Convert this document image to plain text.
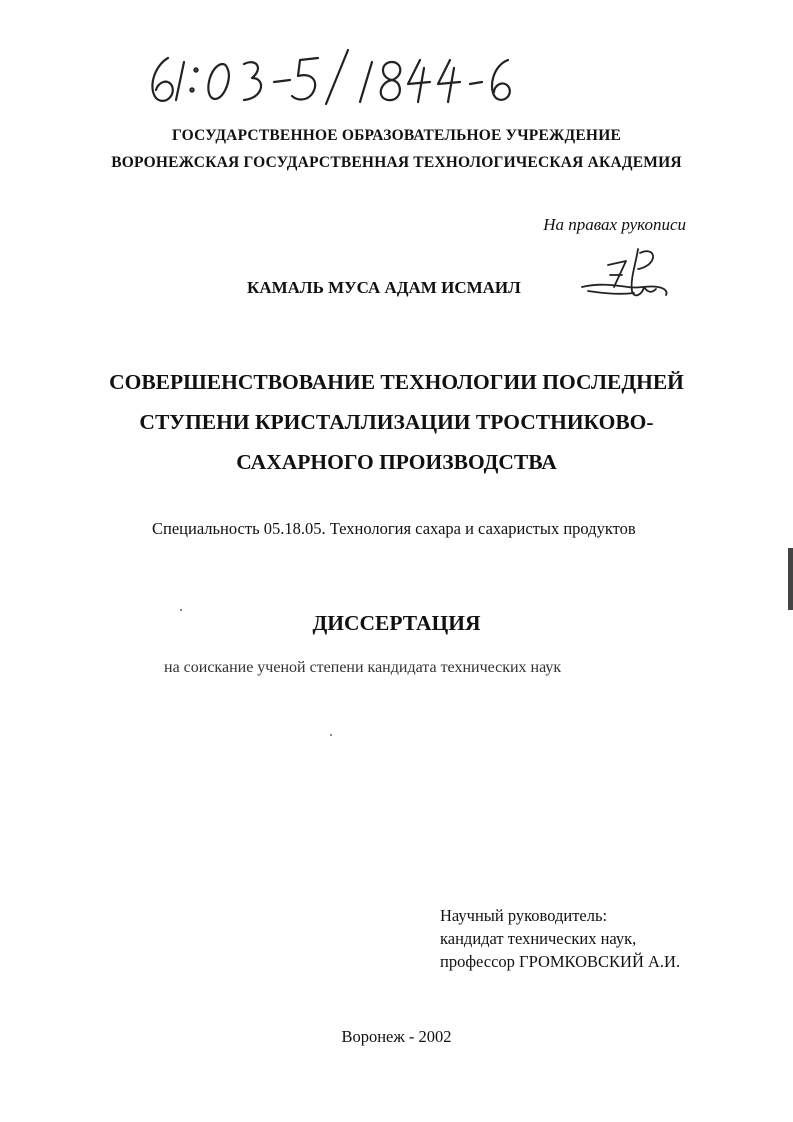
ГОСУДАРСТВЕННОЕ ОБРАЗОВАТЕЛЬНОЕ УЧРЕЖДЕНИЕ
ВОРОНЕЖСКАЯ ГОСУДАРСТВЕННАЯ ТЕХНОЛОГИЧЕСКАЯ АКАДЕМИЯ
На правах рукописи
КАМАЛЬ МУСА АДАМ ИСМАИЛ
СОВЕРШЕНСТВОВАНИЕ ТЕХНОЛОГИИ ПОСЛЕДНЕЙ
СТУПЕНИ КРИСТАЛЛИЗАЦИИ ТРОСТНИКОВО-
САХАРНОГО ПРОИЗВОДСТВА
Специальность 05.18.05. Технология сахара и сахаристых продуктов
ДИССЕРТАЦИЯ
на соискание ученой степени кандидата технических наук
Научный руководитель:
кандидат технических наук,
профессор ГРОМКОВСКИЙ А.И.
Воронеж - 2002
